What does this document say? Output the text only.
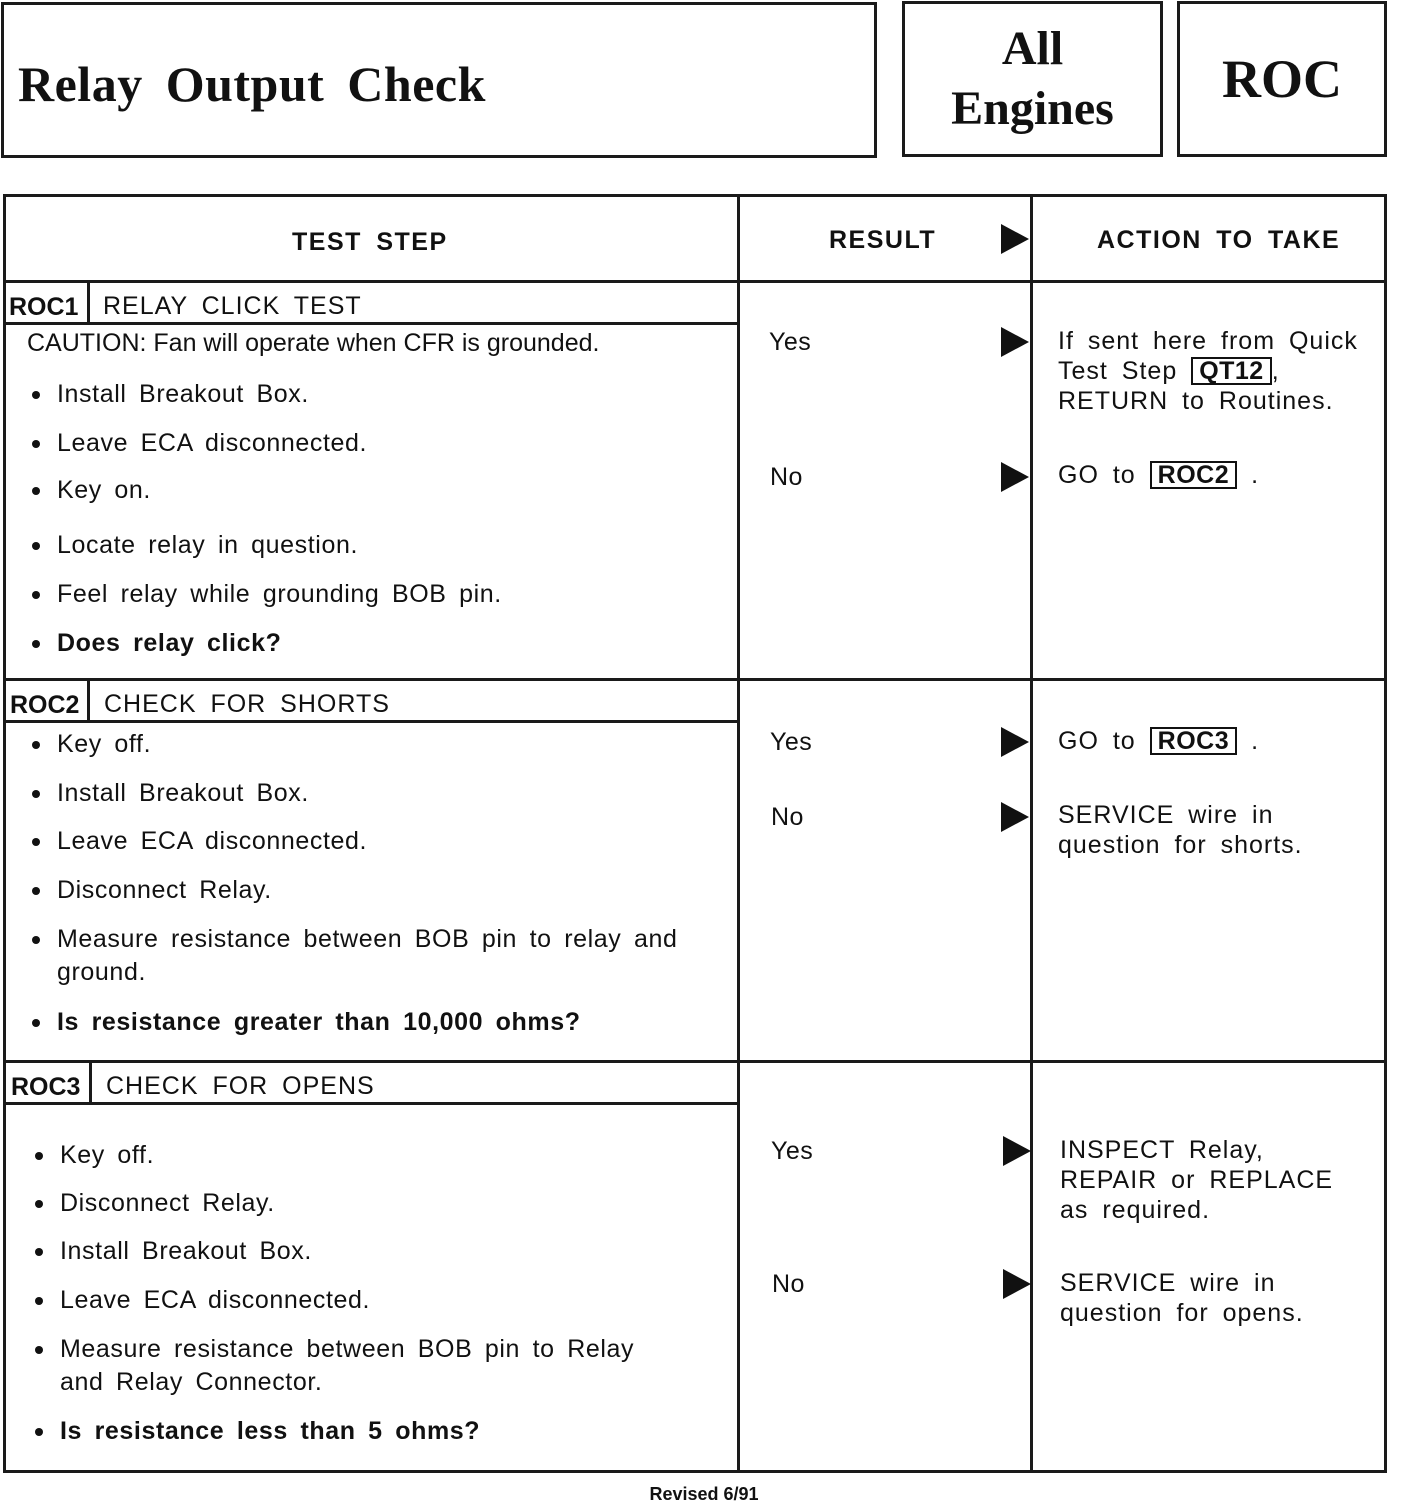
Relay Output Check
All
Engines ROC
TEST STEP	RESULT	ACTION TO TAKE
ROC1 RELAY CLICK TEST
CAUTION: Fan will operate when CFR is grounded.
Install Breakout Box.
Leave ECA disconnected.
Key on.
Locate relay in question.
Feel relay while grounding BOB pin.
Does relay click?
Yes	If sent here from Quick Test Step QT12 ,
RETURN to Routines.
No	GO to ROC2 .
ROC2 CHECK FOR SHORTS
Key off.
Install Breakout Box.
Leave ECA disconnected.
Disconnect Relay.
Measure resistance between BOB pin to relay and ground.
Is resistance greater than 10,000 ohms?
Yes	GO to ROC3 .
No	SERVICE wire in question for shorts.
ROC3 CHECK FOR OPENS
Key off.
Disconnect Relay.
Install Breakout Box.
Leave ECA disconnected.
Measure resistance between BOB pin to Relay and Relay Connector.
Is resistance less than 5 ohms?
Yes	INSPECT Relay, REPAIR or REPLACE as required.
No	SERVICE wire in question for opens.
Revised 6/91
